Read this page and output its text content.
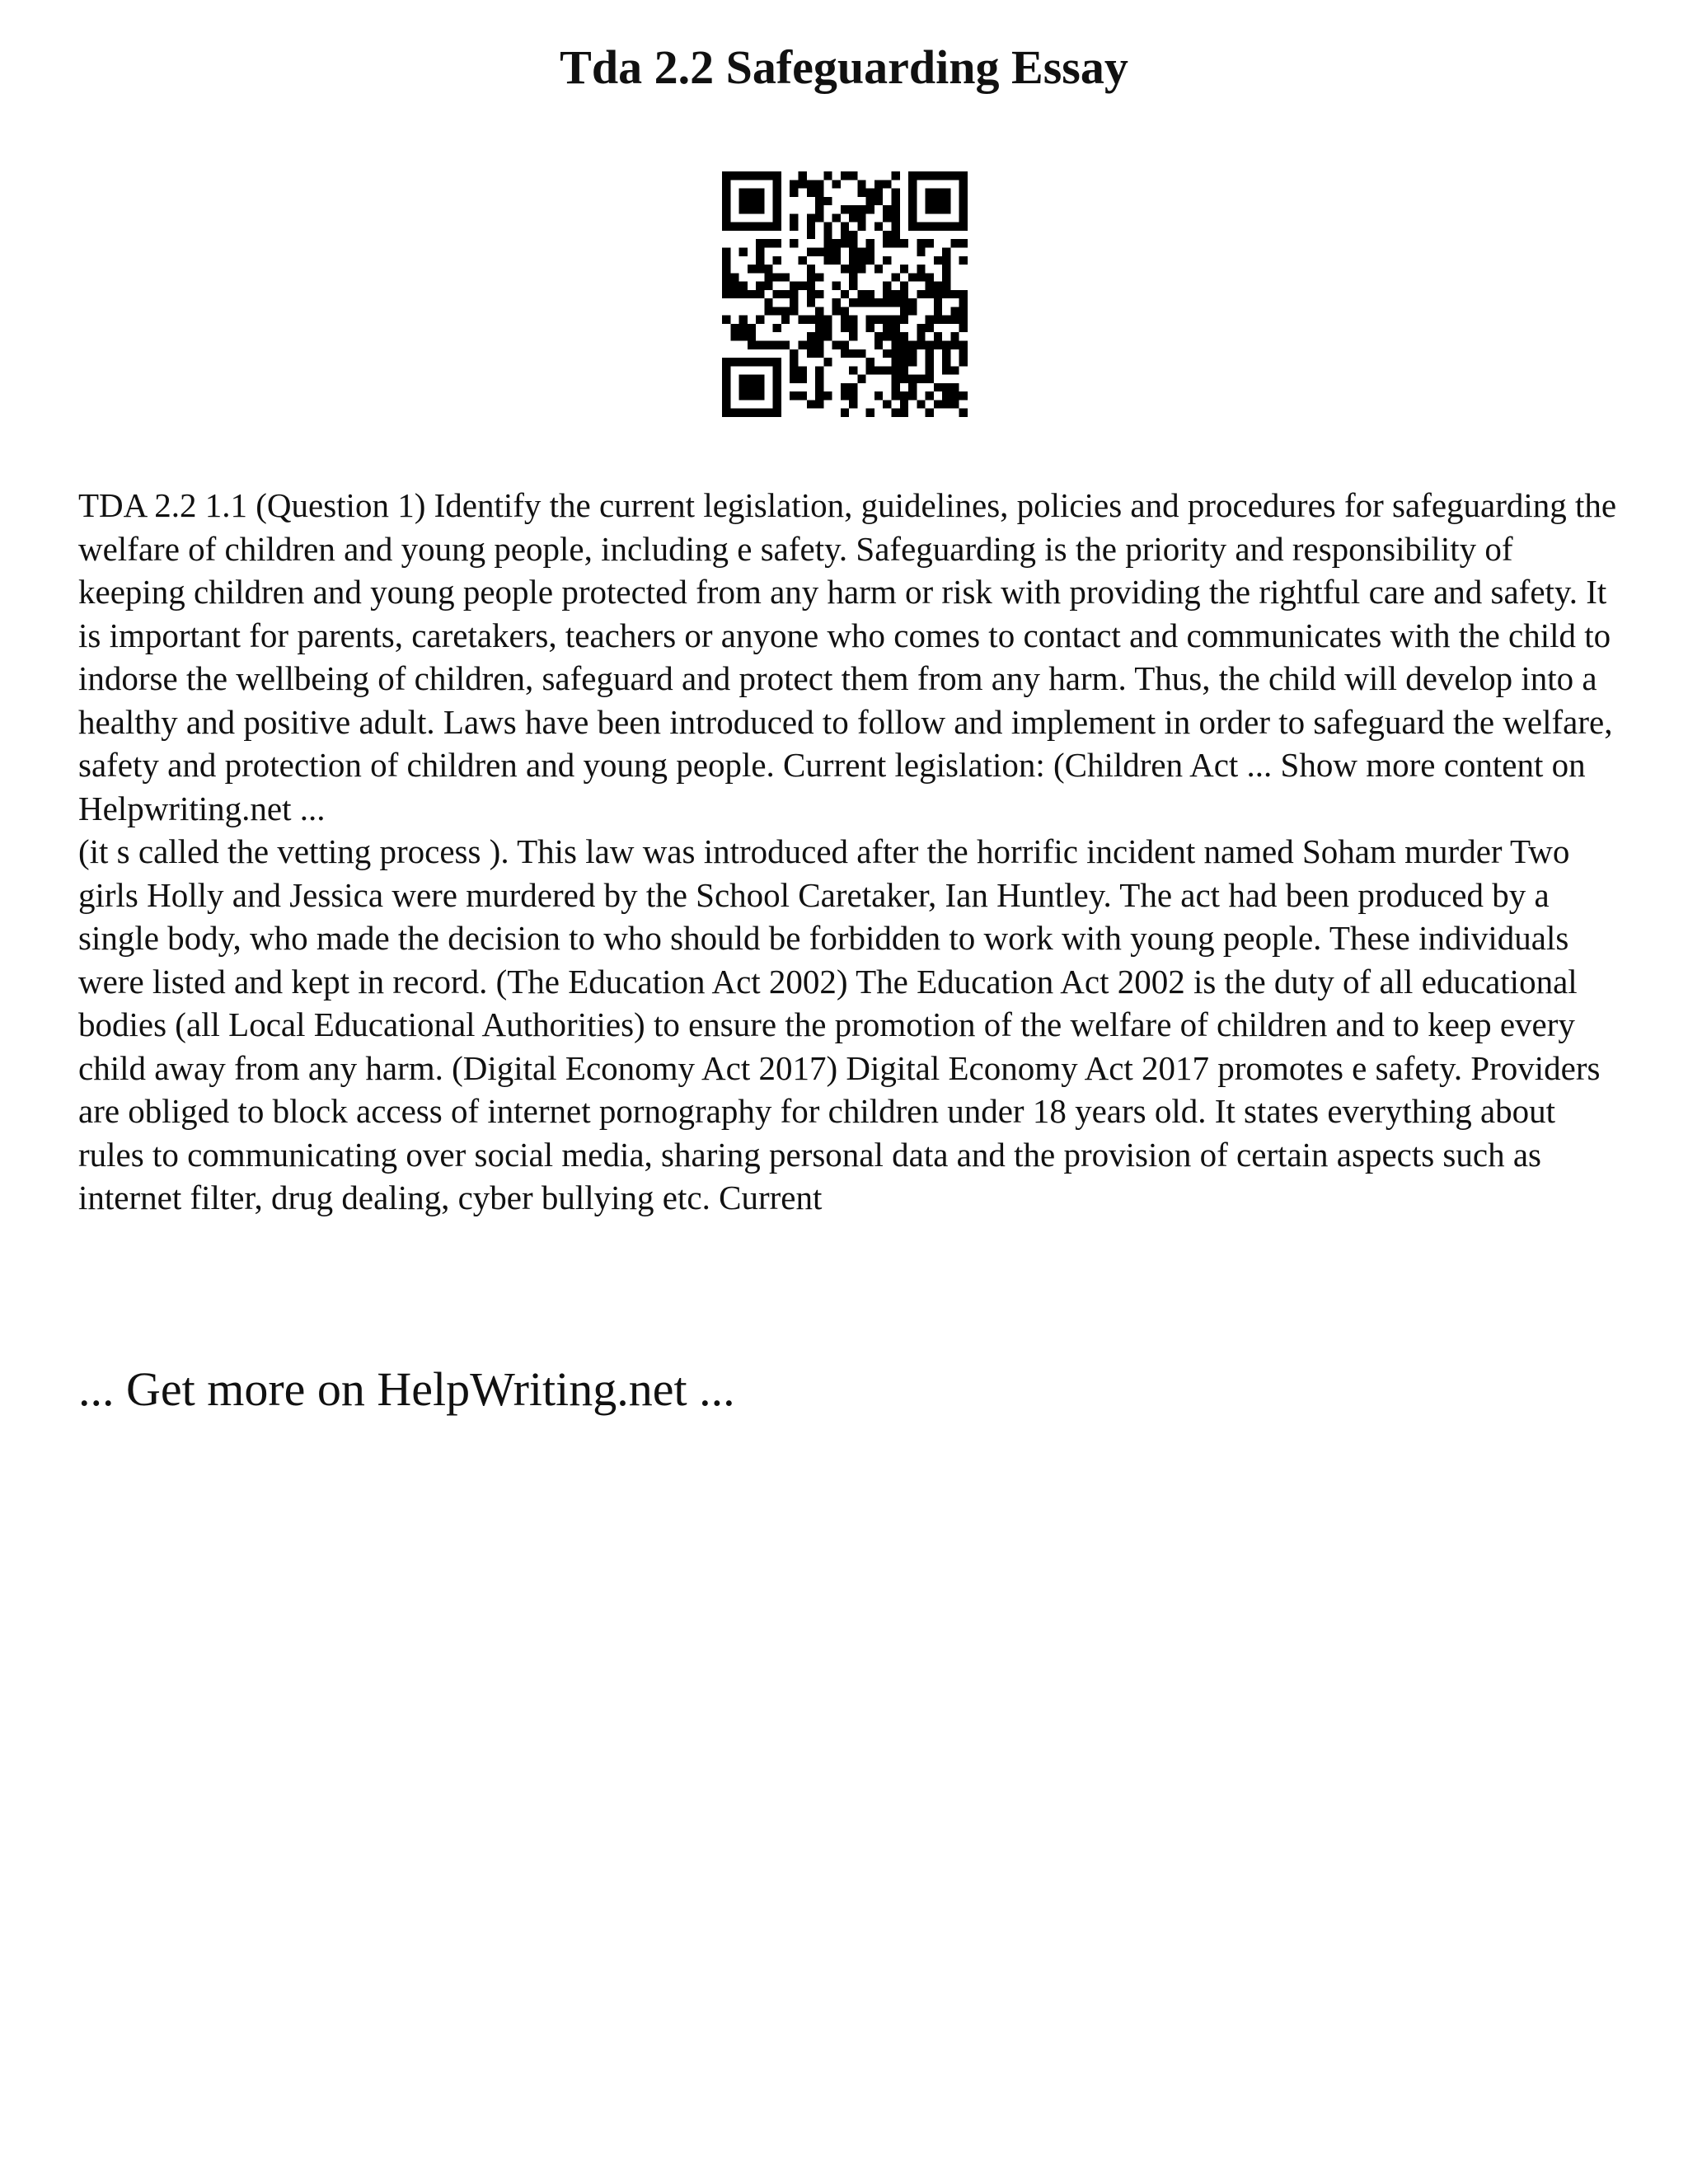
Tda 2.2 Safeguarding Essay

TDA 2.2 1.1 (Question 1) Identify the current legislation, guidelines, policies and procedures for safeguarding the welfare of children and young people, including e safety. Safeguarding is the priority and responsibility of keeping children and young people protected from any harm or risk with providing the rightful care and safety. It is important for parents, caretakers, teachers or anyone who comes to contact and communicates with the child to indorse the wellbeing of children, safeguard and protect them from any harm. Thus, the child will develop into a healthy and positive adult. Laws have been introduced to follow and implement in order to safeguard the welfare, safety and protection of children and young people. Current legislation: (Children Act ... Show more content on Helpwriting.net ...

(it s called the vetting process ). This law was introduced after the horrific incident named Soham murder Two girls Holly and Jessica were murdered by the School Caretaker, Ian Huntley. The act had been produced by a single body, who made the decision to who should be forbidden to work with young people. These individuals were listed and kept in record. (The Education Act 2002) The Education Act 2002 is the duty of all educational bodies (all Local Educational Authorities) to ensure the promotion of the welfare of children and to keep every child away from any harm. (Digital Economy Act 2017) Digital Economy Act 2017 promotes e safety. Providers are obliged to block access of internet pornography for children under 18 years old. It states everything about rules to communicating over social media, sharing personal data and the provision of certain aspects such as internet filter, drug dealing, cyber bullying etc. Current

... Get more on HelpWriting.net ...
